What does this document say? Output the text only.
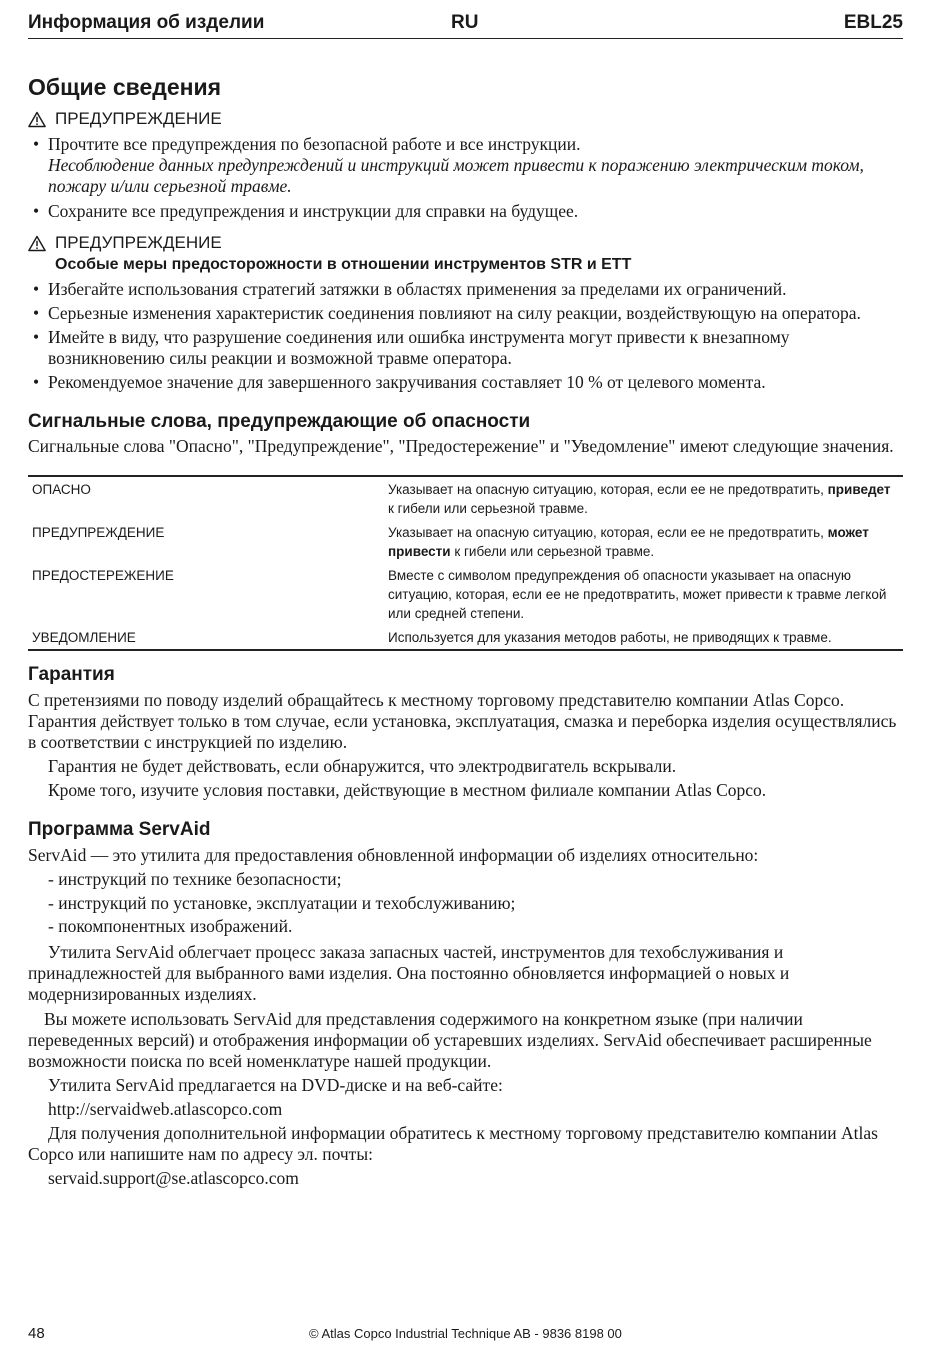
Информация об изделии	RU	EBL25
Общие сведения
ПРЕДУПРЕЖДЕНИЕ
• Прочтите все предупреждения по безопасной работе и все инструкции.
Несоблюдение данных предупреждений и инструкций может привести к поражению электрическим током, пожару и/или серьезной травме.
• Сохраните все предупреждения и инструкции для справки на будущее.
ПРЕДУПРЕЖДЕНИЕ
Особые меры предосторожности в отношении инструментов STR и ETT
• Избегайте использования стратегий затяжки в областях применения за пределами их ограничений.
• Серьезные изменения характеристик соединения повлияют на силу реакции, воздействующую на оператора.
• Имейте в виду, что разрушение соединения или ошибка инструмента могут привести к внезапному возникновению силы реакции и возможной травме оператора.
• Рекомендуемое значение для завершенного закручивания составляет 10 % от целевого момента.
Сигнальные слова, предупреждающие об опасности

Сигнальные слова "Опасно", "Предупреждение", "Предостережение" и "Уведомление" имеют следующие значения.

ОПАСНО	Указывает на опасную ситуацию, которая, если ее не предотвратить, приведет к гибели или серьезной травме.
ПРЕДУПРЕЖДЕНИЕ	Указывает на опасную ситуацию, которая, если ее не предотвратить, может привести к гибели или серьезной травме.
ПРЕДОСТЕРЕЖЕНИЕ	Вместе с символом предупреждения об опасности указывает на опасную ситуацию, которая, если ее не предотвратить, может привести к травме легкой или средней степени.
УВЕДОМЛЕНИЕ	Используется для указания методов работы, не приводящих к травме.
Гарантия

С претензиями по поводу изделий обращайтесь к местному торговому представителю компании Atlas Copco. Гарантия действует только в том случае, если установка, эксплуатация, смазка и переборка изделия осуществлялись в соответствии с инструкцией по изделию.

Гарантия не будет действовать, если обнаружится, что электродвигатель вскрывали.

Кроме того, изучите условия поставки, действующие в местном филиале компании Atlas Copco.

Программа ServAid

ServAid — это утилита для предоставления обновленной информации об изделиях относительно:

- инструкций по технике безопасности;
- инструкций по установке, эксплуатации и техобслуживанию;
- покомпонентных изображений.

Утилита ServAid облегчает процесс заказа запасных частей, инструментов для техобслуживания и принадлежностей для выбранного вами изделия. Она постоянно обновляется информацией о новых и модернизированных изделиях.

Вы можете использовать ServAid для представления содержимого на конкретном языке (при наличии переведенных версий) и отображения информации об устаревших изделиях. ServAid обеспечивает расширенные возможности поиска по всей номенклатуре нашей продукции.

Утилита ServAid предлагается на DVD-диске и на веб-сайте:

http://servaidweb.atlascopco.com

Для получения дополнительной информации обратитесь к местному торговому представителю компании Atlas Copco или напишите нам по адресу эл. почты:

servaid.support@se.atlascopco.com

48	© Atlas Copco Industrial Technique AB - 9836 8198 00
